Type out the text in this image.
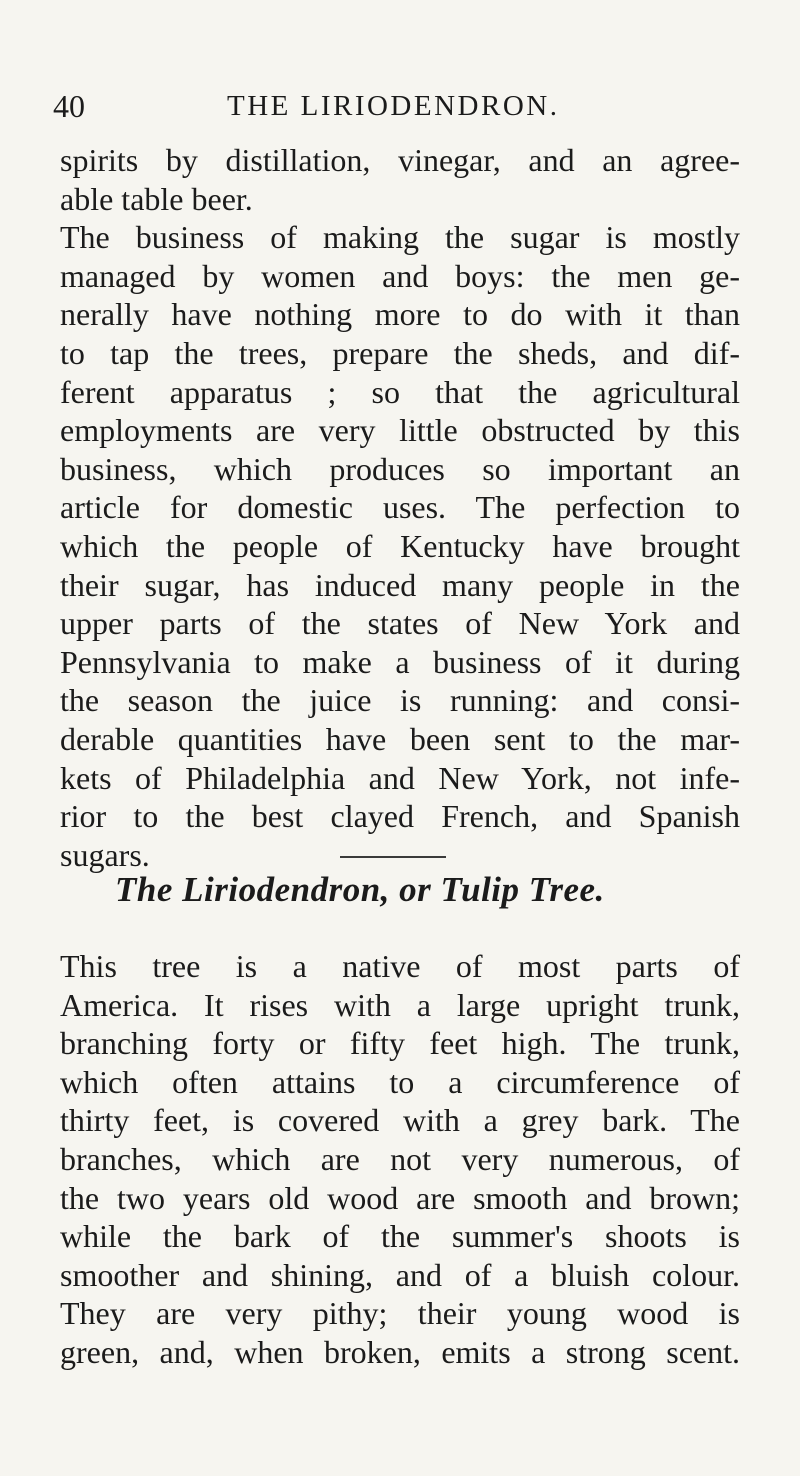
40	THE LIRIODENDRON.
spirits by distillation, vinegar, and an agree-
able table beer.
The business of making the sugar is mostly
managed by women and boys: the men ge-
nerally have nothing more to do with it than
to tap the trees, prepare the sheds, and dif-
ferent apparatus ; so that the agricultural
employments are very little obstructed by this
business, which produces so important an
article for domestic uses. The perfection to
which the people of Kentucky have brought
their sugar, has induced many people in the
upper parts of the states of New York and
Pennsylvania to make a business of it during
the season the juice is running: and consi-
derable quantities have been sent to the mar-
kets of Philadelphia and New York, not infe-
rior to the best clayed French, and Spanish
sugars.
The Liriodendron, or Tulip Tree.
This tree is a native of most parts of
America. It rises with a large upright trunk,
branching forty or fifty feet high. The trunk,
which often attains to a circumference of
thirty feet, is covered with a grey bark. The
branches, which are not very numerous, of
the two years old wood are smooth and brown;
while the bark of the summer's shoots is
smoother and shining, and of a bluish colour.
They are very pithy; their young wood is
green, and, when broken, emits a strong scent.
